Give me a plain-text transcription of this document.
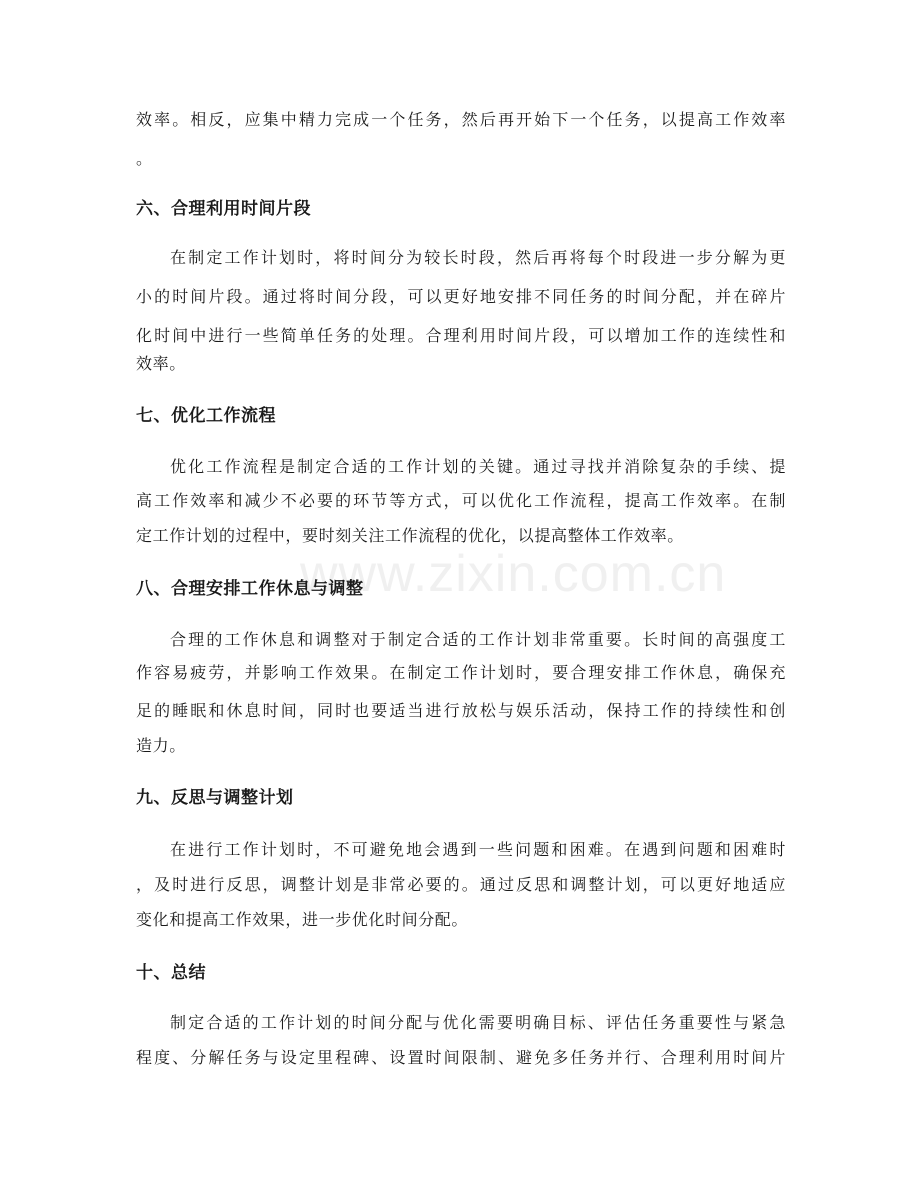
www.zixin.com.cn
效率。相反，应集中精力完成一个任务，然后再开始下一个任务，以提高工作效率
。
六、合理利用时间片段
在制定工作计划时，将时间分为较长时段，然后再将每个时段进一步分解为更
小的时间片段。通过将时间分段，可以更好地安排不同任务的时间分配，并在碎片
化时间中进行一些简单任务的处理。合理利用时间片段，可以增加工作的连续性和
效率。
七、优化工作流程
优化工作流程是制定合适的工作计划的关键。通过寻找并消除复杂的手续、提
高工作效率和减少不必要的环节等方式，可以优化工作流程，提高工作效率。在制
定工作计划的过程中，要时刻关注工作流程的优化，以提高整体工作效率。
八、合理安排工作休息与调整
合理的工作休息和调整对于制定合适的工作计划非常重要。长时间的高强度工
作容易疲劳，并影响工作效果。在制定工作计划时，要合理安排工作休息，确保充
足的睡眠和休息时间，同时也要适当进行放松与娱乐活动，保持工作的持续性和创
造力。
九、反思与调整计划
在进行工作计划时，不可避免地会遇到一些问题和困难。在遇到问题和困难时
，及时进行反思，调整计划是非常必要的。通过反思和调整计划，可以更好地适应
变化和提高工作效果，进一步优化时间分配。
十、总结
制定合适的工作计划的时间分配与优化需要明确目标、评估任务重要性与紧急
程度、分解任务与设定里程碑、设置时间限制、避免多任务并行、合理利用时间片
